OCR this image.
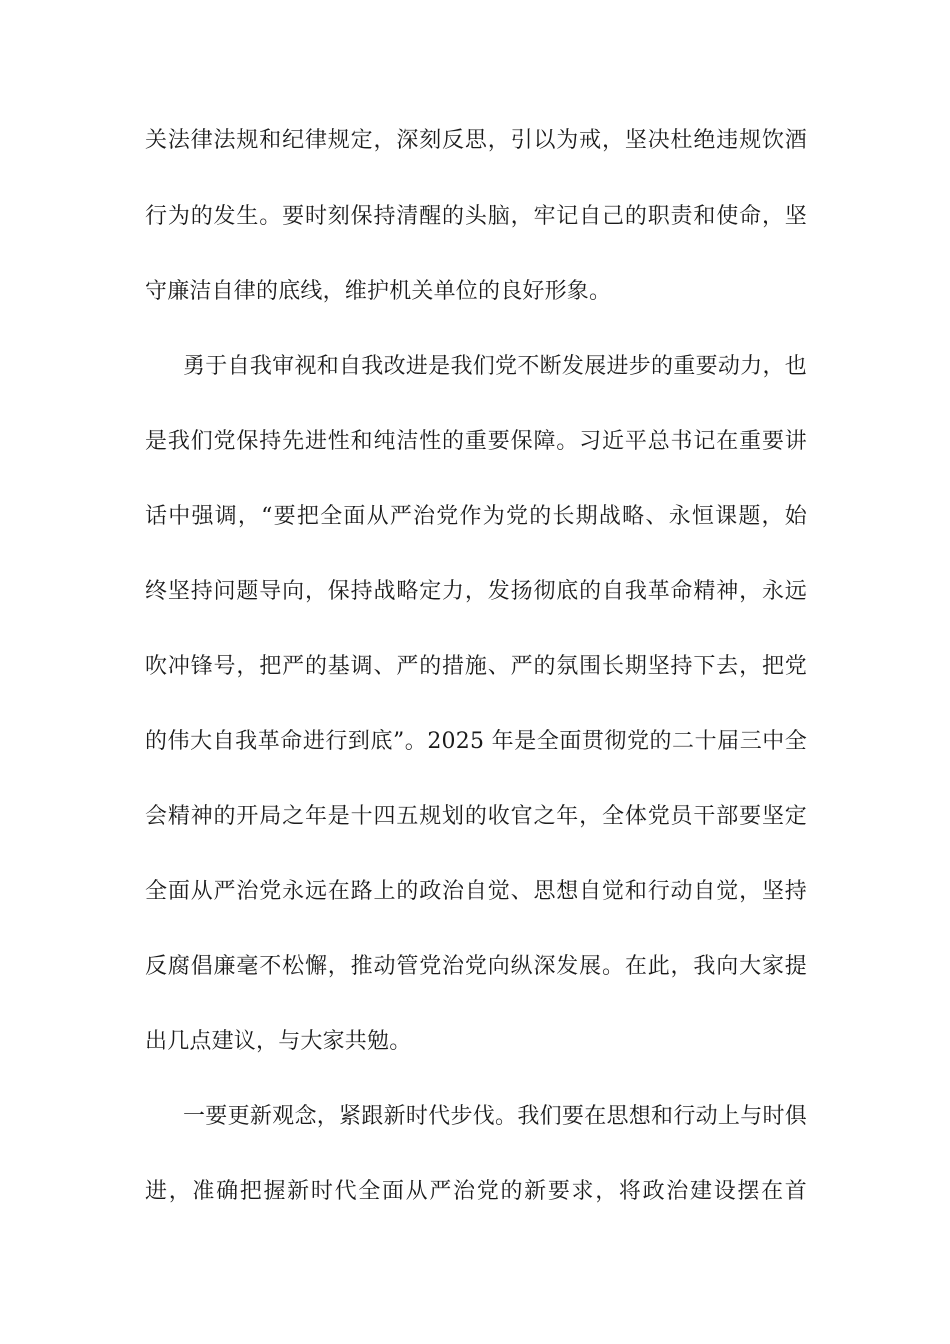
关法律法规和纪律规定，深刻反思，引以为戒，坚决杜绝违规饮酒
行为的发生。要时刻保持清醒的头脑，牢记自己的职责和使命，坚
守廉洁自律的底线，维护机关单位的良好形象。
勇于自我审视和自我改进是我们党不断发展进步的重要动力，也
是我们党保持先进性和纯洁性的重要保障。习近平总书记在重要讲
话中强调，“要把全面从严治党作为党的长期战略、永恒课题，始
终坚持问题导向，保持战略定力，发扬彻底的自我革命精神，永远
吹冲锋号，把严的基调、严的措施、严的氛围长期坚持下去，把党
的伟大自我革命进行到底”。2025 年是全面贯彻党的二十届三中全
会精神的开局之年是十四五规划的收官之年，全体党员干部要坚定
全面从严治党永远在路上的政治自觉、思想自觉和行动自觉，坚持
反腐倡廉毫不松懈，推动管党治党向纵深发展。在此，我向大家提
出几点建议，与大家共勉。
一要更新观念，紧跟新时代步伐。我们要在思想和行动上与时俱
进，准确把握新时代全面从严治党的新要求，将政治建设摆在首
